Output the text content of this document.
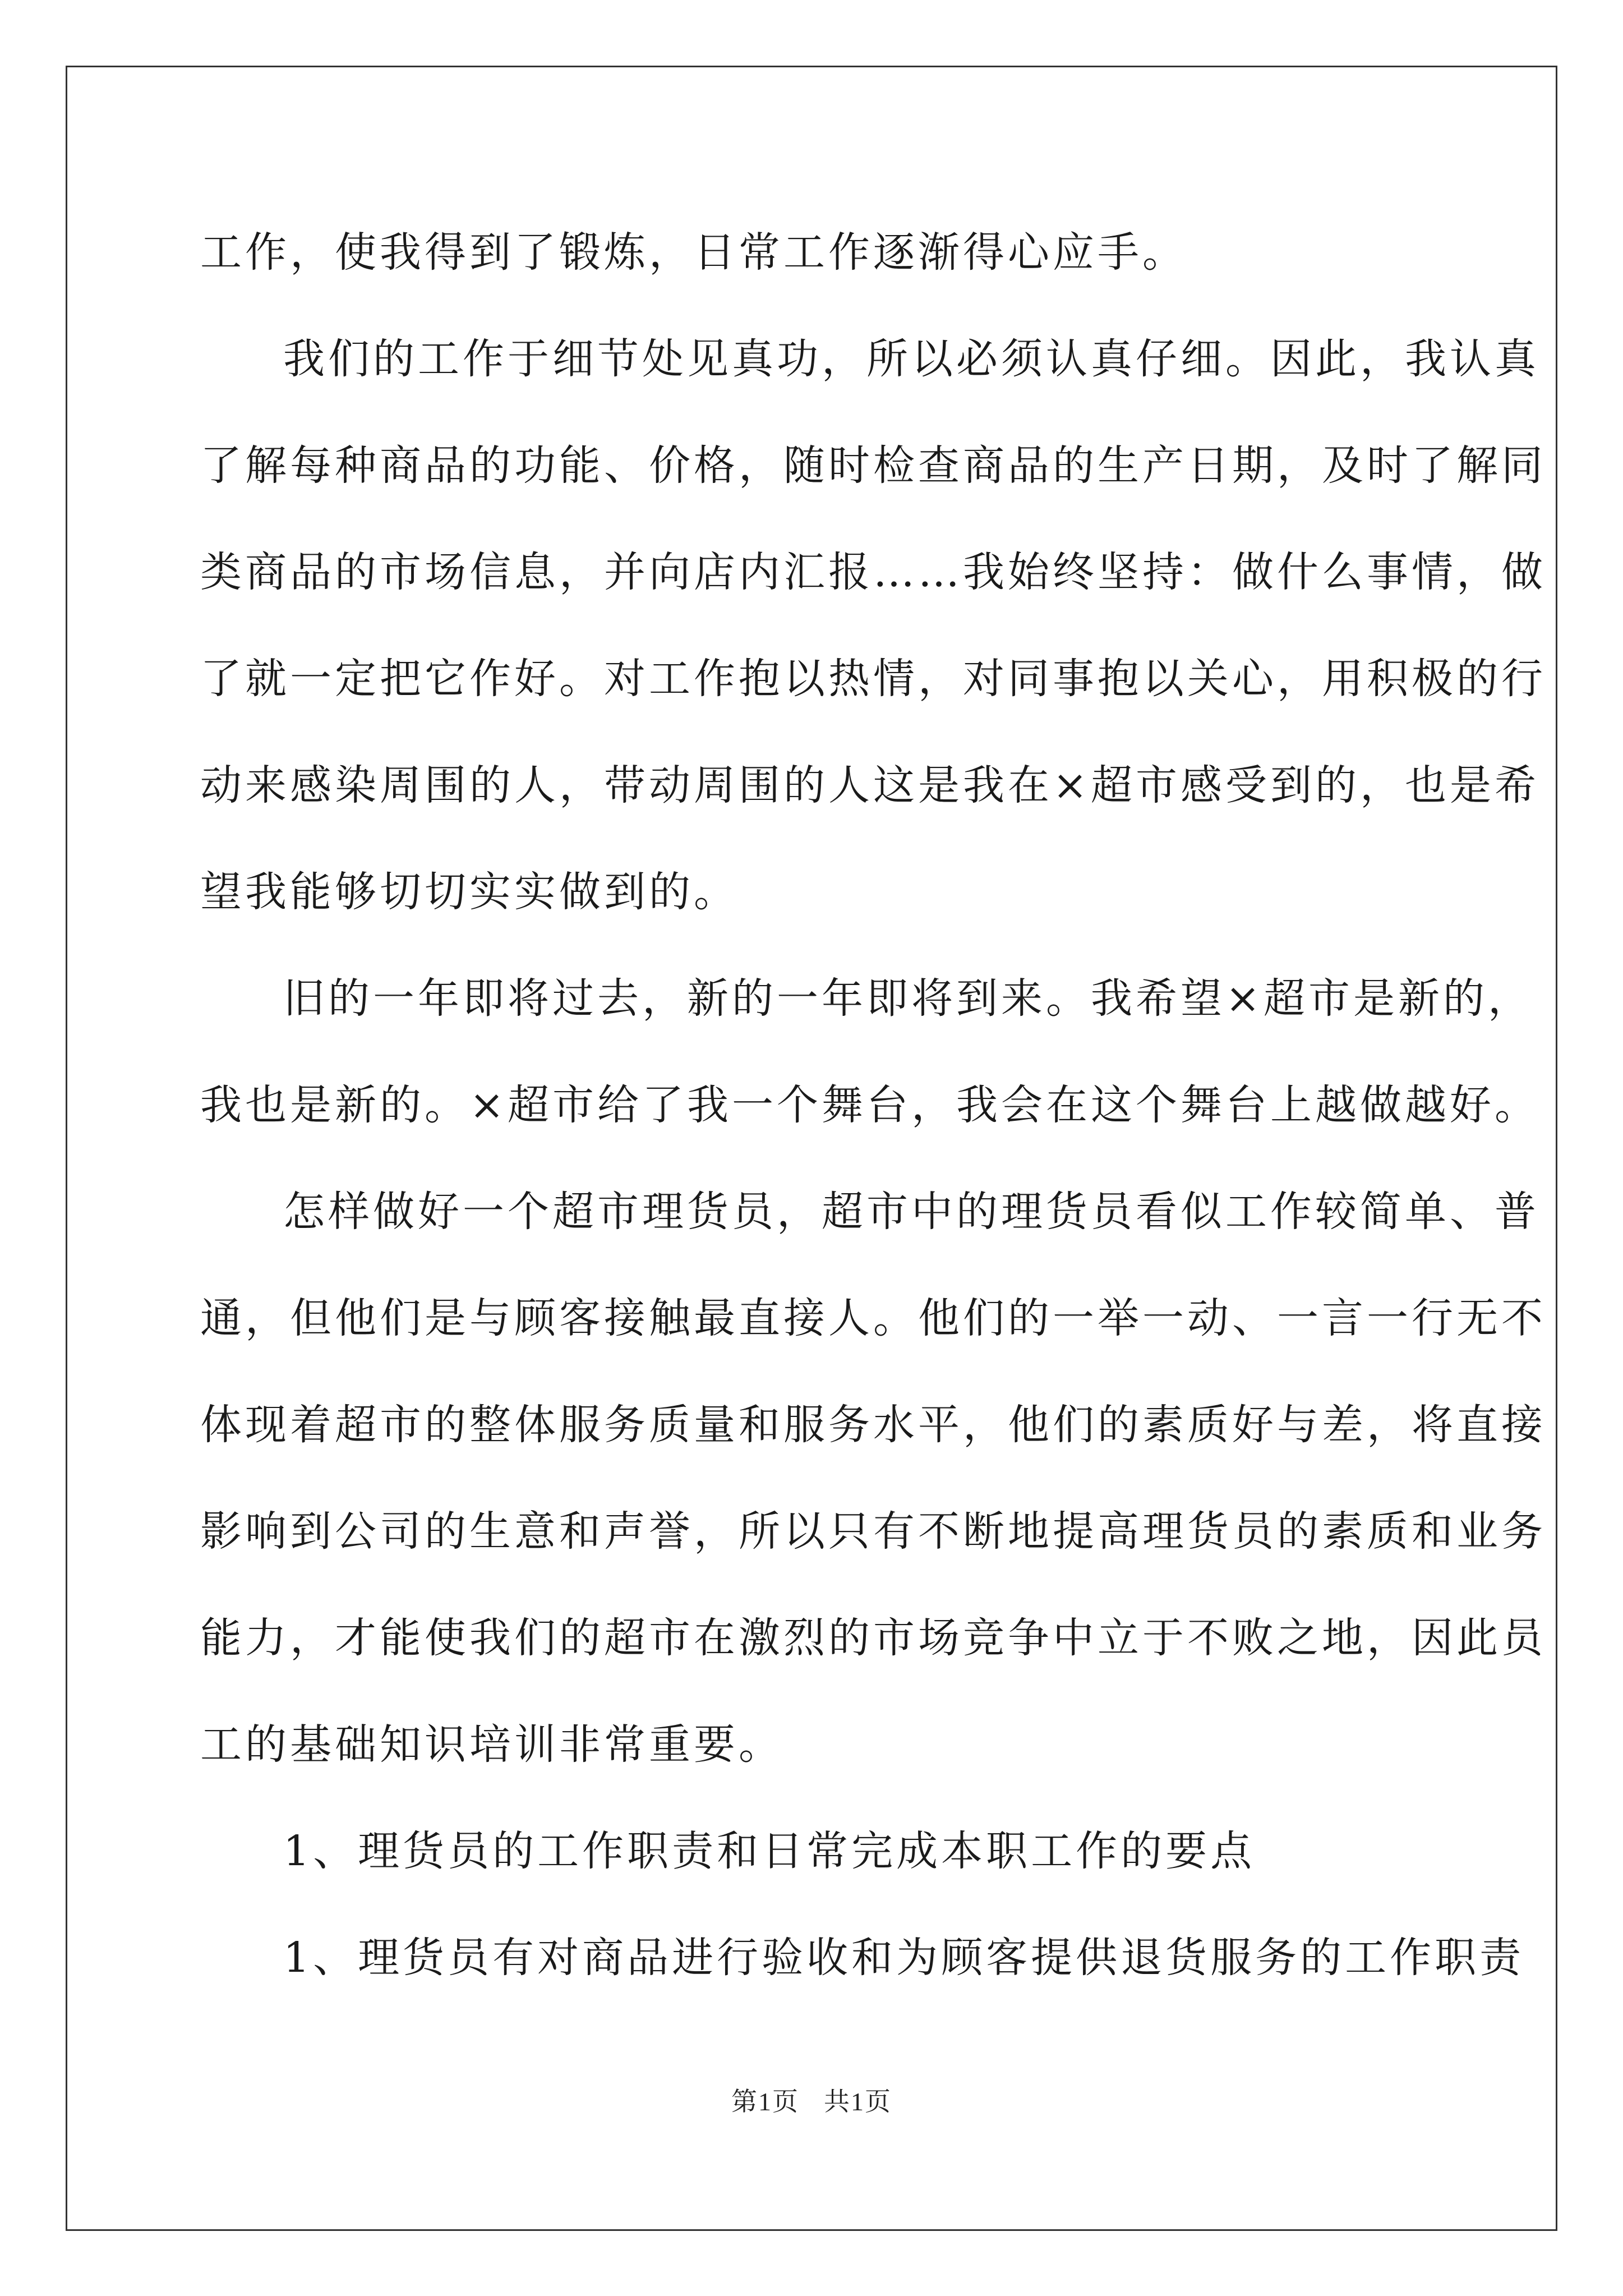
工作，使我得到了锻炼，日常工作逐渐得心应手。

我们的工作于细节处见真功，所以必须认真仔细。因此，我认真

了解每种商品的功能、价格，随时检查商品的生产日期，及时了解同

类商品的市场信息，并向店内汇报……我始终坚持：做什么事情，做

了就一定把它作好。对工作抱以热情，对同事抱以关心，用积极的行

动来感染周围的人，带动周围的人这是我在×超市感受到的，也是希

望我能够切切实实做到的。

旧的一年即将过去，新的一年即将到来。我希望×超市是新的，

我也是新的。×超市给了我一个舞台，我会在这个舞台上越做越好。

怎样做好一个超市理货员，超市中的理货员看似工作较简单、普

通，但他们是与顾客接触最直接人。他们的一举一动、一言一行无不

体现着超市的整体服务质量和服务水平，他们的素质好与差，将直接

影响到公司的生意和声誉，所以只有不断地提高理货员的素质和业务

能力，才能使我们的超市在激烈的市场竞争中立于不败之地，因此员

工的基础知识培训非常重要。

1、理货员的工作职责和日常完成本职工作的要点

1、理货员有对商品进行验收和为顾客提供退货服务的工作职责

第1页 共1页
